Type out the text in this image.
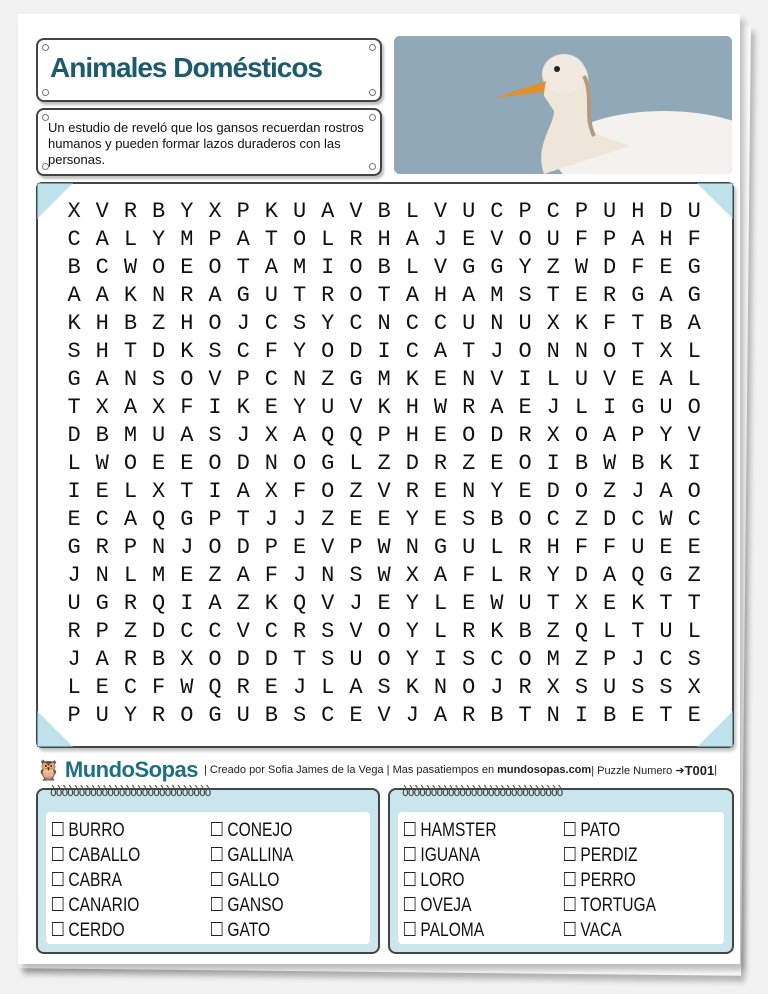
Animales Domésticos
Un estudio de reveló que los gansos recuerdan rostros humanos y pueden formar lazos duraderos con las personas.
X V R B Y X P K U A V B L V U C P C P U H D U
C A L Y M P A T O L R H A J E V O U F P A H F
B C W O E O T A M I O B L V G G Y Z W D F E G
A A K N R A G U T R O T A H A M S T E R G A G
K H B Z H O J C S Y C N C C U N U X K F T B A
S H T D K S C F Y O D I C A T J O N N O T X L
G A N S O V P C N Z G M K E N V I L U V E A L
T X A X F I K E Y U V K H W R A E J L I G U O
D B M U A S J X A Q Q P H E O D R X O A P Y V
L W O E E O D N O G L Z D R Z E O I B W B K I
I E L X T I A X F O Z V R E N Y E D O Z J A O
E C A Q G P T J J Z E E Y E S B O C Z D C W C
G R P N J O D P E V P W N G U L R H F F U E E
J N L M E Z A F J N S W X A F L R Y D A Q G Z
U G R Q I A Z K Q V J E Y L E W U T X E K T T
R P Z D C C V C R S V O Y L R K B Z Q L T U L
J A R B X O D D T S U O Y I S C O M Z P J C S
L E C F W Q R E J L A S K N O J R X S U S S X
P U Y R O G U B S C E V J A R B T N I B E T E
🦉 MundoSopas | Creado por Sofia James de la Vega | Mas pasatiempos en mundosopas.com | Puzzle Numero ➜ T001 |
ბბბბბბბბბბბბბბბბბბბბბბბბბბბბ
BURRO
CABALLO
CABRA
CANARIO
CERDO
CONEJO
GALLINA
GALLO
GANSO
GATO
ბბბბბბბბბბბბბბბბბბბბბბბბბბბბ
HAMSTER
IGUANA
LORO
OVEJA
PALOMA
PATO
PERDIZ
PERRO
TORTUGA
VACA
